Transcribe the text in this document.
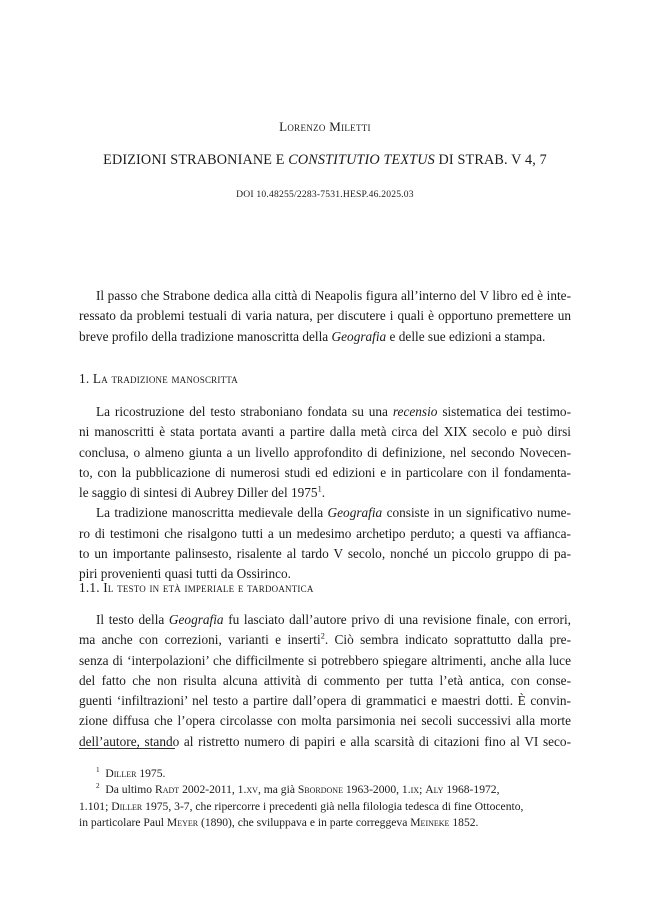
Lorenzo Miletti
EDIZIONI STRABONIANE E CONSTITUTIO TEXTUS DI STRAB. V 4, 7
DOI 10.48255/2283-7531.HESP.46.2025.03
Il passo che Strabone dedica alla città di Neapolis figura all’interno del V libro ed è inte-
ressato da problemi testuali di varia natura, per discutere i quali è opportuno premettere un
breve profilo della tradizione manoscritta della Geografia e delle sue edizioni a stampa.
1. La tradizione manoscritta
La ricostruzione del testo straboniano fondata su una recensio sistematica dei testimo-
ni manoscritti è stata portata avanti a partire dalla metà circa del XIX secolo e può dirsi
conclusa, o almeno giunta a un livello approfondito di definizione, nel secondo Novecen-
to, con la pubblicazione di numerosi studi ed edizioni e in particolare con il fondamenta-
le saggio di sintesi di Aubrey Diller del 1975$^1$.
La tradizione manoscritta medievale della Geografia consiste in un significativo nume-
ro di testimoni che risalgono tutti a un medesimo archetipo perduto; a questi va affianca-
to un importante palinsesto, risalente al tardo V secolo, nonché un piccolo gruppo di pa-
piri provenienti quasi tutti da Ossirinco.
1.1. Il testo in età imperiale e tardoantica
Il testo della Geografia fu lasciato dall’autore privo di una revisione finale, con errori,
ma anche con correzioni, varianti e inserti$^2$. Ciò sembra indicato soprattutto dalla pre-
senza di ‘interpolazioni’ che difficilmente si potrebbero spiegare altrimenti, anche alla luce
del fatto che non risulta alcuna attività di commento per tutta l’età antica, con conse-
guenti ‘infiltrazioni’ nel testo a partire dall’opera di grammatici e maestri dotti. È convin-
zione diffusa che l’opera circolasse con molta parsimonia nei secoli successivi alla morte
dell’autore, stando al ristretto numero di papiri e alla scarsità di citazioni fino al VI seco-
$^1$ Diller 1975.
$^2$ Da ultimo Radt 2002-2011, 1.xv, ma già Sbordone 1963-2000, 1.ix; Aly 1968-1972,
1.101; Diller 1975, 3-7, che ripercorre i precedenti già nella filologia tedesca di fine Ottocento,
in particolare Paul Meyer (1890), che sviluppava e in parte correggeva Meineke 1852.
